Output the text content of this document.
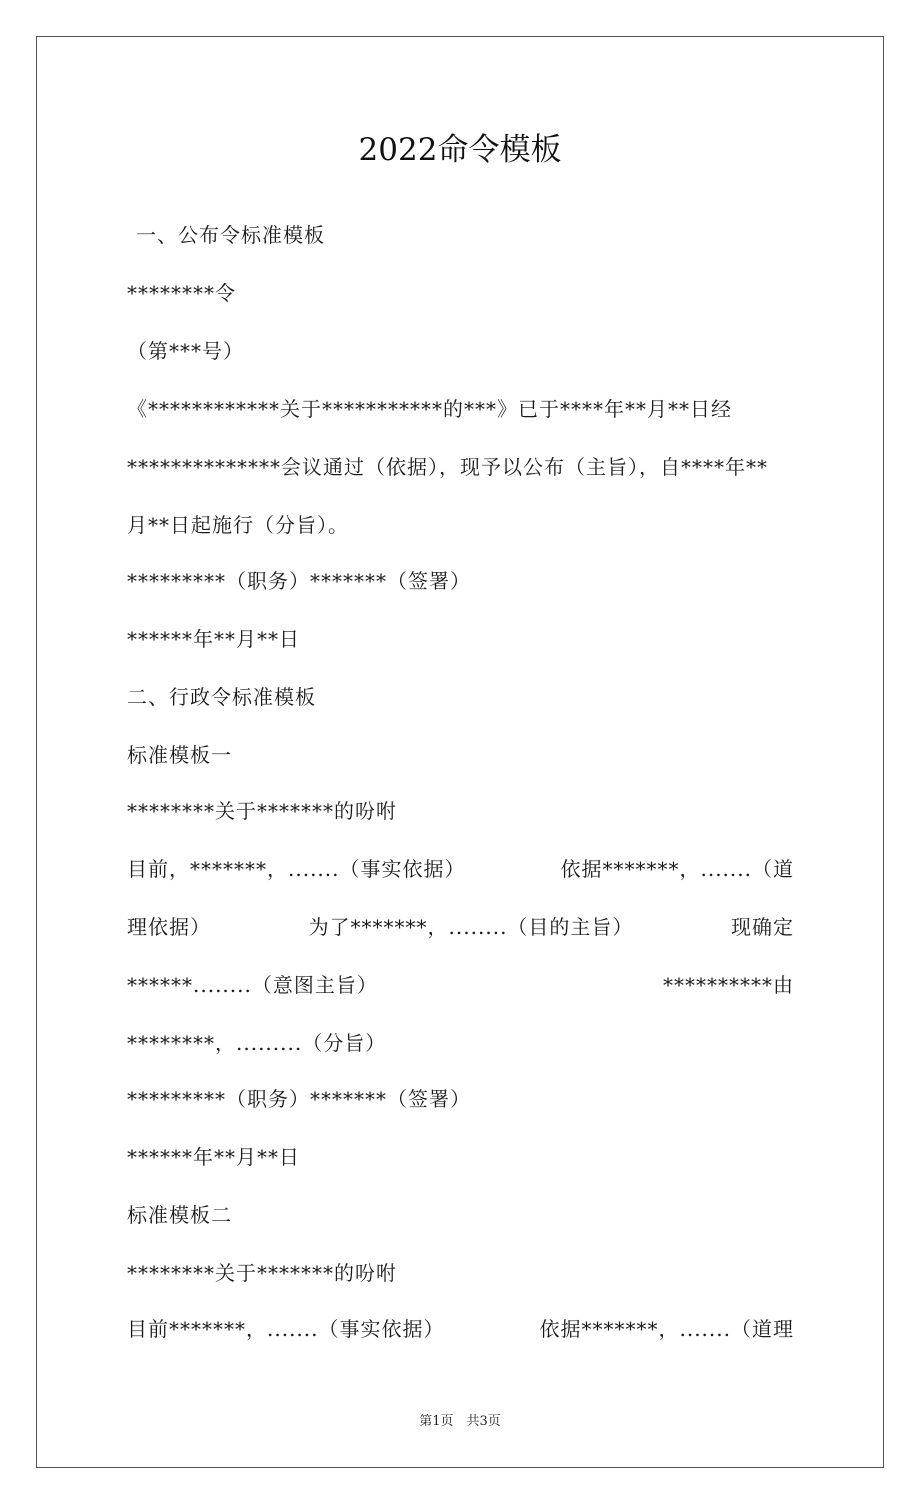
2022命令模板
一、公布令标准模板
********令
（第***号）
《************关于***********的***》已于****年**月**日经
**************会议通过（依据），现予以公布（主旨），自****年**
月**日起施行（分旨）。
*********（职务）*******（签署）
******年**月**日
二、行政令标准模板
标准模板一
********关于*******的吩咐
目前，*******，.......（事实依据）	依据*******，.......（道
理依据）	为了*******，........（目的主旨）	现确定
******........（意图主旨）	**********由
********，.........（分旨）
*********（职务）*******（签署）
******年**月**日
标准模板二
********关于*******的吩咐
目前*******，.......（事实依据）	依据*******，.......（道理
第1页　共3页
